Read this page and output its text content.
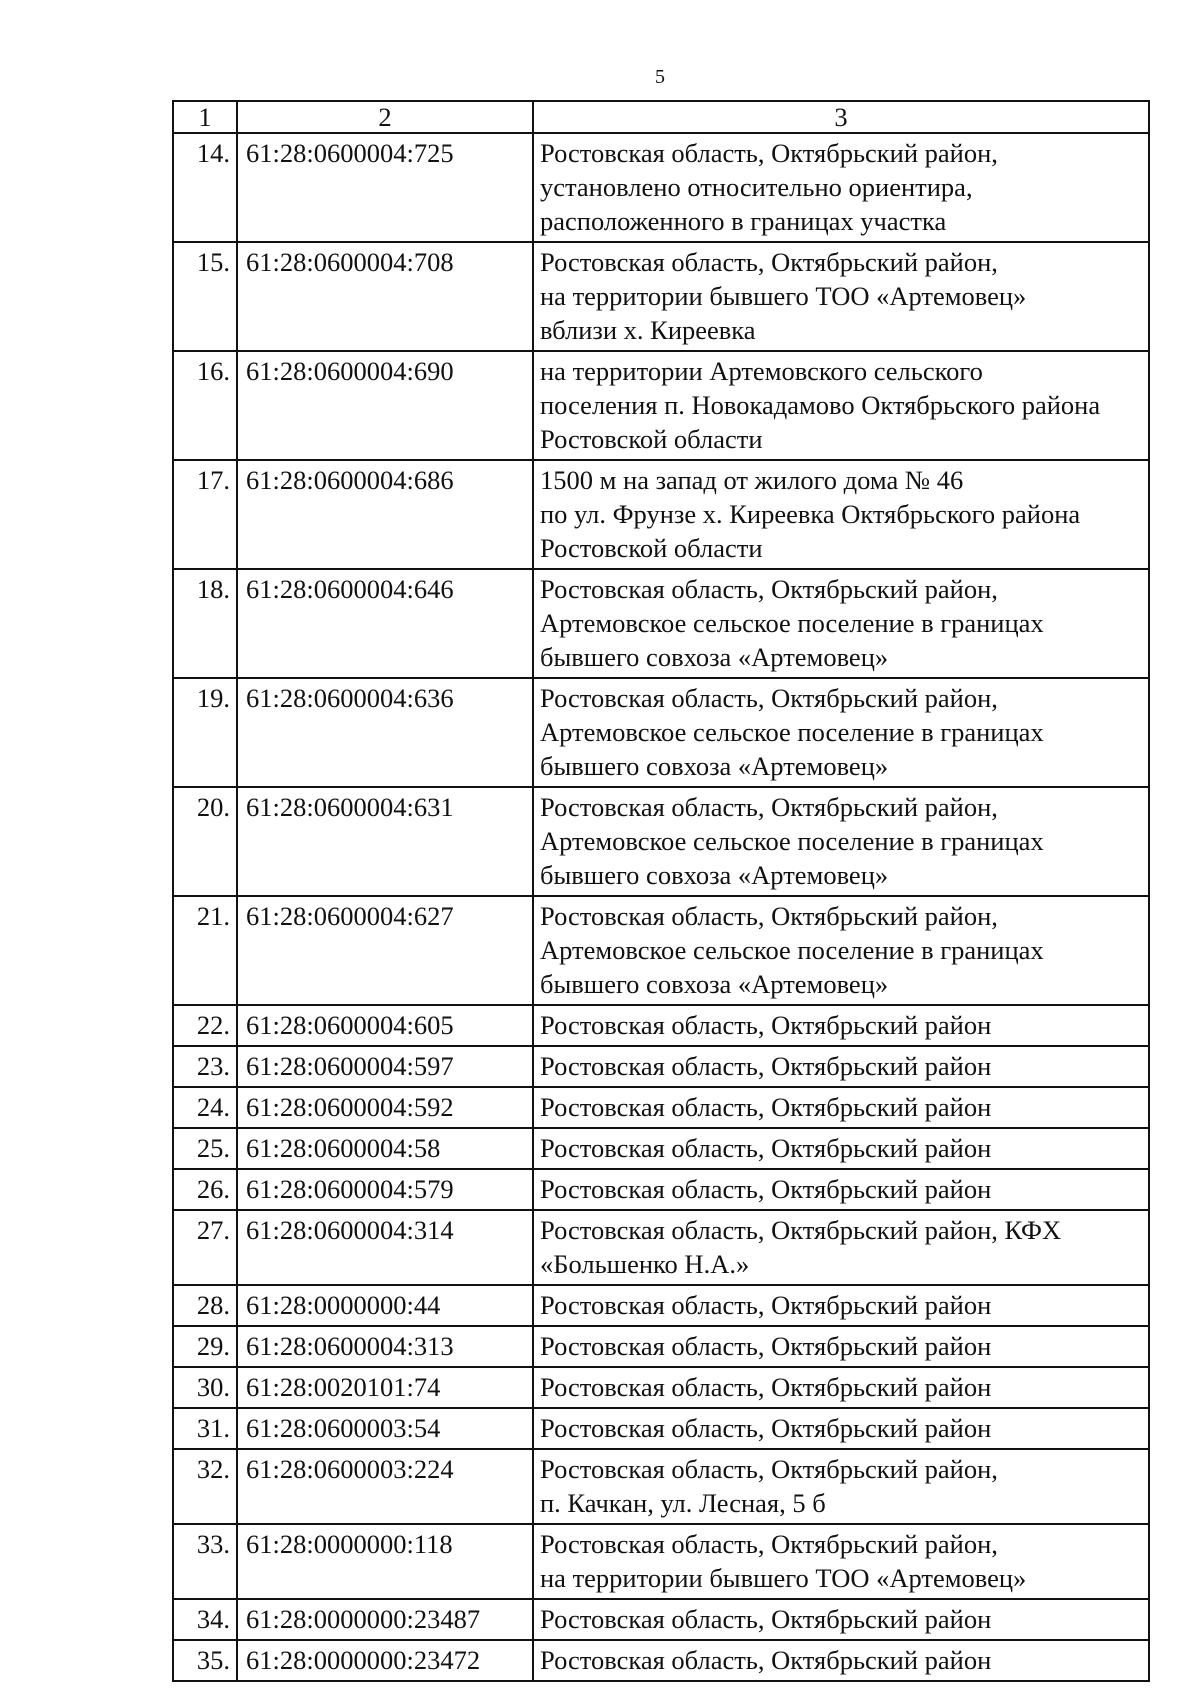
5
1	2	3
14.	61:28:0600004:725	Ростовская область, Октябрьский район,
установлено относительно ориентира,
расположенного в границах участка

15.	61:28:0600004:708	Ростовская область, Октябрьский район,
на территории бывшего ТОО «Артемовец»
вблизи х. Киреевка

16.	61:28:0600004:690	на территории Артемовского сельского
поселения п. Новокадамово Октябрьского района
Ростовской области

17.	61:28:0600004:686	1500 м на запад от жилого дома № 46
по ул. Фрунзе х. Киреевка Октябрьского района
Ростовской области

18.	61:28:0600004:646	Ростовская область, Октябрьский район,
Артемовское сельское поселение в границах
бывшего совхоза «Артемовец»

19.	61:28:0600004:636	Ростовская область, Октябрьский район,
Артемовское сельское поселение в границах
бывшего совхоза «Артемовец»

20.	61:28:0600004:631	Ростовская область, Октябрьский район,
Артемовское сельское поселение в границах
бывшего совхоза «Артемовец»

21.	61:28:0600004:627	Ростовская область, Октябрьский район,
Артемовское сельское поселение в границах
бывшего совхоза «Артемовец»

22.	61:28:0600004:605	Ростовская область, Октябрьский район

23.	61:28:0600004:597	Ростовская область, Октябрьский район

24.	61:28:0600004:592	Ростовская область, Октябрьский район

25.	61:28:0600004:58	Ростовская область, Октябрьский район

26.	61:28:0600004:579	Ростовская область, Октябрьский район

27.	61:28:0600004:314	Ростовская область, Октябрьский район, КФХ
«Большенко Н.А.»

28.	61:28:0000000:44	Ростовская область, Октябрьский район

29.	61:28:0600004:313	Ростовская область, Октябрьский район

30.	61:28:0020101:74	Ростовская область, Октябрьский район

31.	61:28:0600003:54	Ростовская область, Октябрьский район

32.	61:28:0600003:224	Ростовская область, Октябрьский район,
п. Качкан, ул. Лесная, 5 б

33.	61:28:0000000:118	Ростовская область, Октябрьский район,
на территории бывшего ТОО «Артемовец»

34.	61:28:0000000:23487	Ростовская область, Октябрьский район

35.	61:28:0000000:23472	Ростовская область, Октябрьский район
